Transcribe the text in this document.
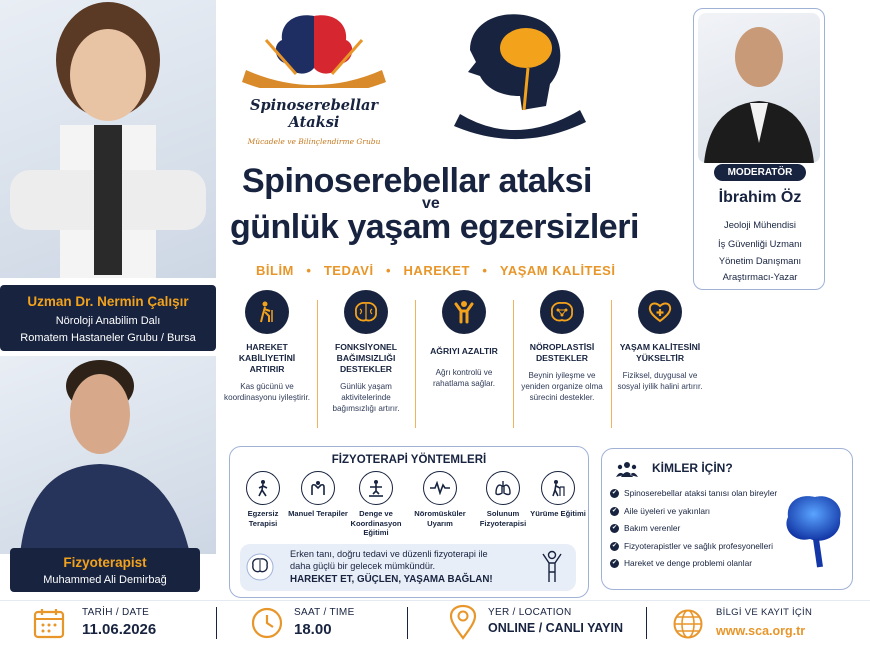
Uzman Dr. Nermin Çalışır
Nöroloji Anabilim Dalı
Romatem Hastaneler Grubu / Bursa
Fizyoterapist
Muhammed Ali Demirbağ
Spinoserebellar Ataksi
Mücadele ve Bilinçlendirme Grubu
MODERATÖR
İbrahim Öz
Jeoloji Mühendisi
İş Güvenliği Uzmanı
Yönetim Danışmanı
Araştırmacı-Yazar
Spinoserebellar ataksi
ve
günlük yaşam egzersizleri
BİLİM • TEDAVİ • HAREKET • YAŞAM KALİTESİ
HAREKET KABİLİYETİNİ ARTIRIR
Kas gücünü ve koordinasyonu iyileştirir.
FONKSİYONEL BAĞIMSIZLIĞI DESTEKLER
Günlük yaşam aktivitelerinde bağımsızlığı artırır.
AĞRIYI AZALTIR
Ağrı kontrolü ve rahatlama sağlar.
NÖROPLASTİSİ DESTEKLER
Beynin iyileşme ve yeniden organize olma sürecini destekler.
YAŞAM KALİTESİNİ YÜKSELTİR
Fiziksel, duygusal ve sosyal iyilik halini artırır.
FİZYOTERAPİ YÖNTEMLERİ
Egzersiz Terapisi
Manuel Terapiler	Denge ve Koordinasyon Eğitimi
Nöromüsküler Uyarım
Solunum Fizyoterapisi
Yürüme Eğitimi
Erken tanı, doğru tedavi ve düzenli fizyoterapi ile
daha güçlü bir gelecek mümkündür.
HAREKET ET, GÜÇLEN, YAŞAMA BAĞLAN!
KİMLER İÇİN?
✔ Spinoserebellar ataksi tanısı olan bireyler
✔ Aile üyeleri ve yakınları
✔ Bakım verenler
✔ Fizyoterapistler ve sağlık profesyonelleri
✔ Hareket ve denge problemi olanlar
TARİH / DATE
11.06.2026
SAAT / TIME
18.00
YER / LOCATION
ONLINE / CANLI YAYIN
BİLGİ VE KAYIT İÇİN
www.sca.org.tr
